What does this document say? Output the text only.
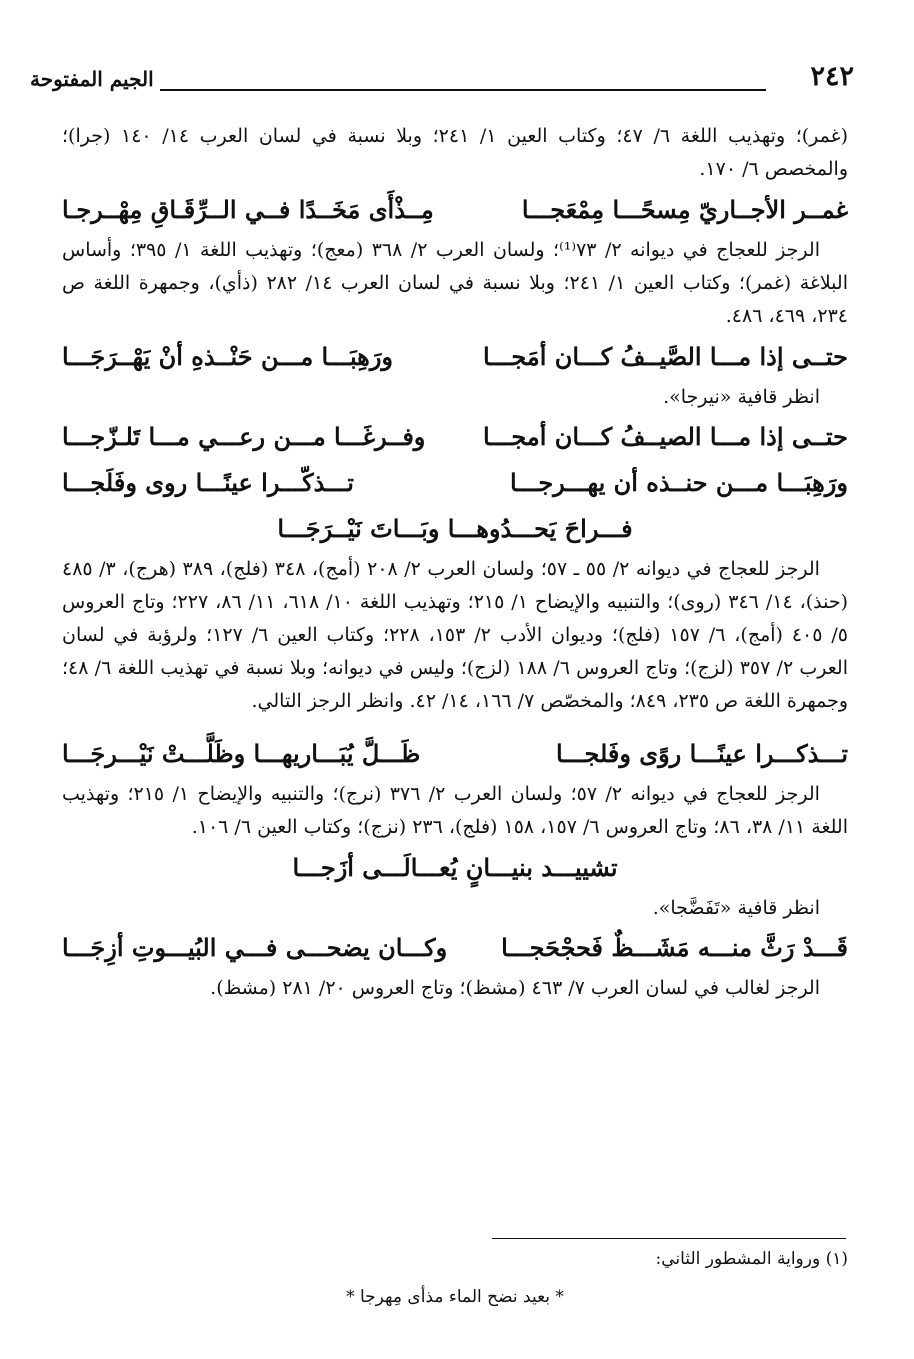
٢٤٢
الجيم المفتوحة

(غمر)؛ وتهذيب اللغة ٦/ ٤٧؛ وكتاب العين ١/ ٢٤١؛ وبلا نسبة في لسان العرب ١٤/ ١٤٠ (جرا)؛ والمخصص ٦/ ١٧٠.

غمــر الأجــاريّ مِسحًـــا مِمْعَجـــا
مِــذْأَى مَخَــدًا فــي الــرِّقَـاقِ مِهْــرجـا

الرجز للعجاج في ديوانه ٢/ ٧٣⁽¹⁾؛ ولسان العرب ٢/ ٣٦٨ (معج)؛ وتهذيب اللغة ١/ ٣٩٥؛ وأساس البلاغة (غمر)؛ وكتاب العين ١/ ٢٤١؛ وبلا نسبة في لسان العرب ١٤/ ٢٨٢ (ذأي)، وجمهرة اللغة ص ٢٣٤، ٤٦٩، ٤٨٦.

حتــى إذا مـــا الصَّيــفُ كـــان أمَجـــا
ورَهِبَـــا مـــن حَنْــذهِ أنْ يَهْــرَجَـــا

انظر قافية «نيرجا».

حتــى إذا مـــا الصيــفُ كـــان أمجـــا
وفــرغَـــا مـــن رعـــي مـــا تَلـزّجـــا
ورَهِبَـــا مـــن حنــذه أن يهـــرجـــا
تـــذكّـــرا عينًـــا روى وفَلَجـــا
فـــراحَ يَحـــدُوهـــا وبَـــاتَ نَيْــرَجَـــا

الرجز للعجاج في ديوانه ٢/ ٥٥ ـ ٥٧؛ ولسان العرب ٢/ ٢٠٨ (أمج)، ٣٤٨ (فلج)، ٣٨٩ (هرج)، ٣/ ٤٨٥ (حنذ)، ١٤/ ٣٤٦ (روى)؛ والتنبيه والإيضاح ١/ ٢١٥؛ وتهذيب اللغة ١٠/ ٦١٨، ١١/ ٨٦، ٢٢٧؛ وتاج العروس ٥/ ٤٠٥ (أمج)، ٦/ ١٥٧ (فلج)؛ وديوان الأدب ٢/ ١٥٣، ٢٢٨؛ وكتاب العين ٦/ ١٢٧؛ ولرؤبة في لسان العرب ٢/ ٣٥٧ (لزج)؛ وتاج العروس ٦/ ١٨٨ (لزج)؛ وليس في ديوانه؛ وبلا نسبة في تهذيب اللغة ٦/ ٤٨؛ وجمهرة اللغة ص ٢٣٥، ٨٤٩؛ والمخصّص ٧/ ١٦٦، ١٤/ ٤٢. وانظر الرجز التالي.

تـــذكـــرا عينًـــا روًى وفَلجـــا
ظَـــلَّ يُبَـــاريهـــا وظَلَّـــتْ نَيْـــرجَـــا

الرجز للعجاج في ديوانه ٢/ ٥٧؛ ولسان العرب ٢/ ٣٧٦ (نرج)؛ والتنبيه والإيضاح ١/ ٢١٥؛ وتهذيب اللغة ١١/ ٣٨، ٨٦؛ وتاج العروس ٦/ ١٥٧، ١٥٨ (فلج)، ٢٣٦ (نزج)؛ وكتاب العين ٦/ ١٠٦.

تشييـــد بنيـــانٍ يُعـــالَـــى أزَجـــا

انظر قافية «تَفَضَّجا».

قَـــدْ رَثَّ منـــه مَشَـــظٌ فَحجْحَجـــا
وكـــان يضحـــى فـــي البُيـــوتِ أزِجَـــا

الرجز لغالب في لسان العرب ٧/ ٤٦٣ (مشظ)؛ وتاج العروس ٢٠/ ٢٨١ (مشظ).

(١) ورواية المشطور الثاني:

* بعيد نضح الماء مذأى مِهرجا *
